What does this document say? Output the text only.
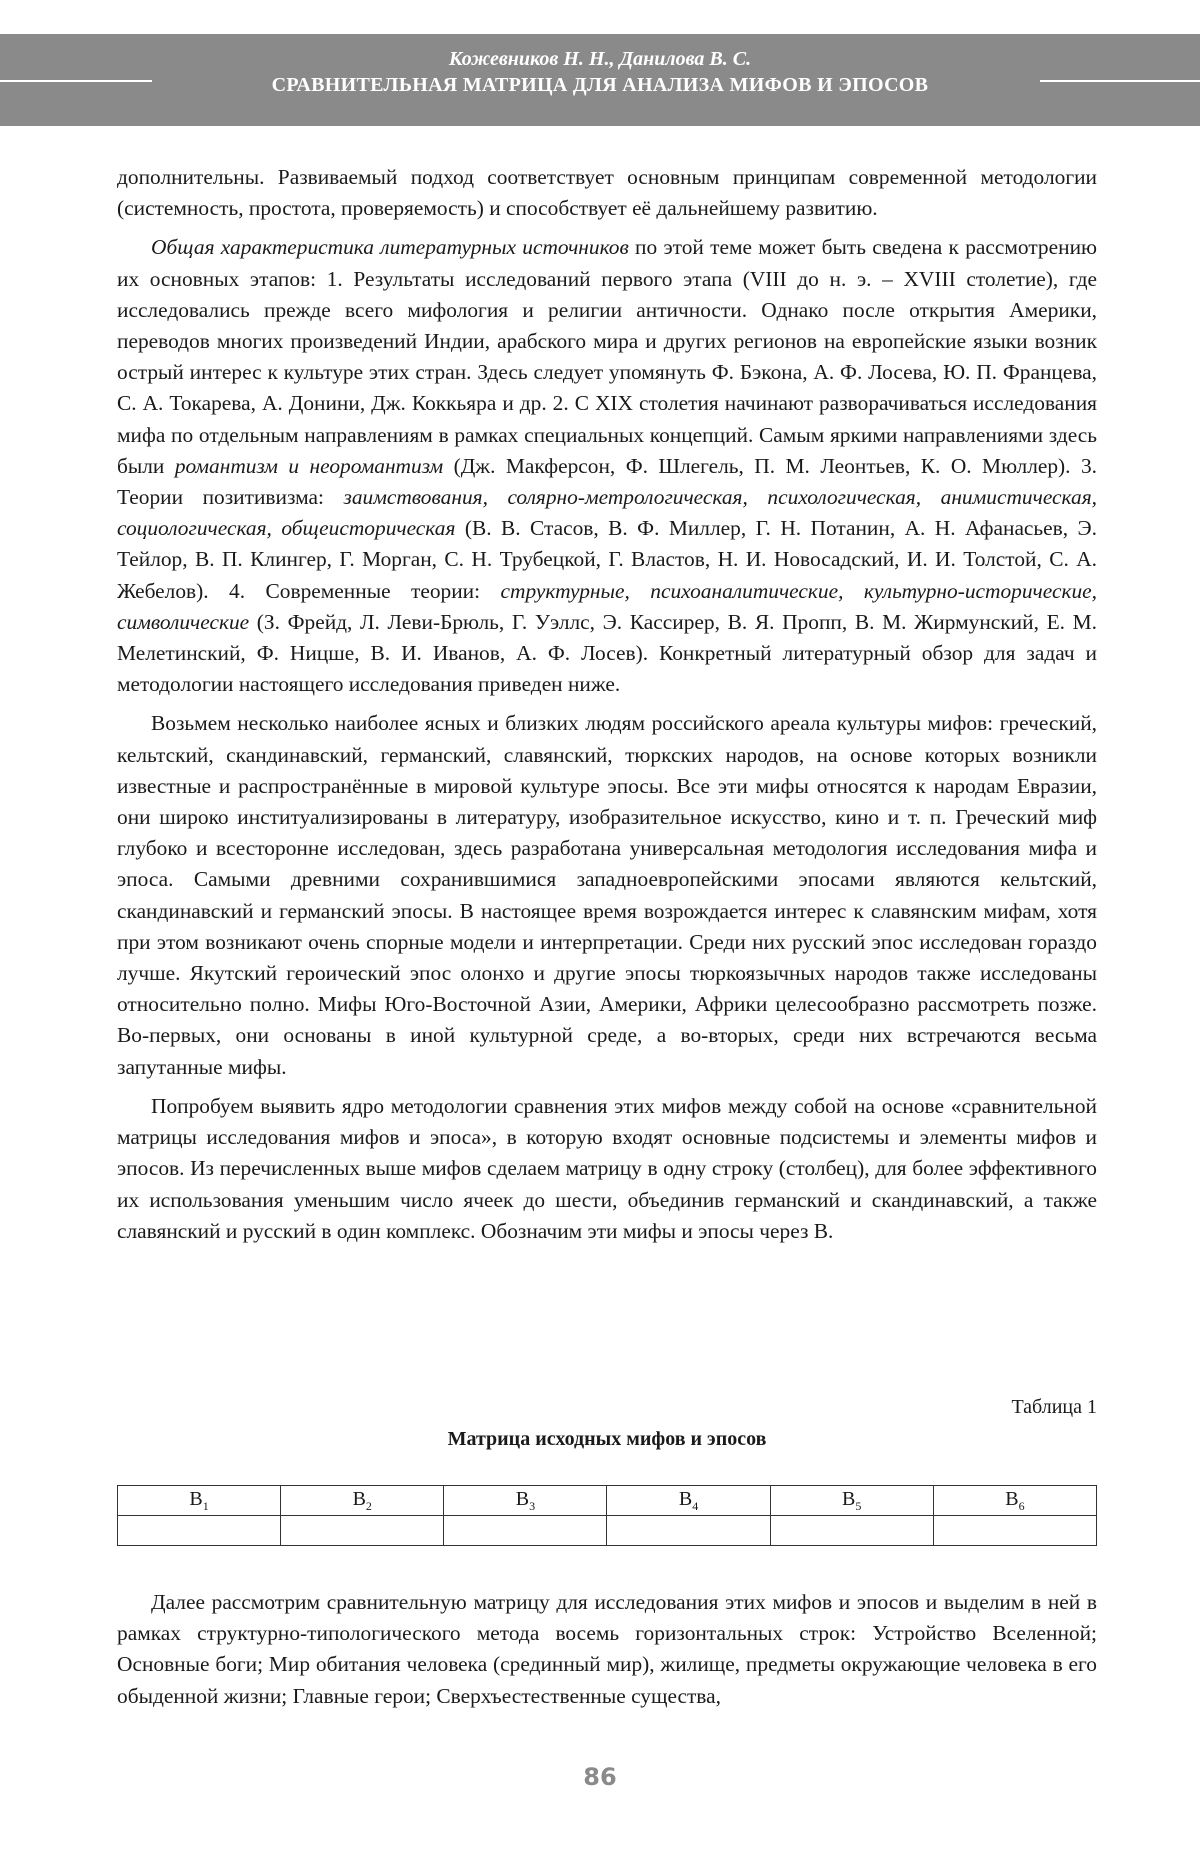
Кожевников Н. Н., Данилова В. С.
СРАВНИТЕЛЬНАЯ МАТРИЦА ДЛЯ АНАЛИЗА МИФОВ И ЭПОСОВ

дополнительны. Развиваемый подход соответствует основным принципам современной методологии (системность, простота, проверяемость) и способствует её дальнейшему развитию.

Общая характеристика литературных источников по этой теме может быть сведена к рассмотрению их основных этапов: 1. Результаты исследований первого этапа (VIII до н. э. – XVIII столетие), где исследовались прежде всего мифология и религии античности. Однако после открытия Америки, переводов многих произведений Индии, арабского мира и других регионов на европейские языки возник острый интерес к культуре этих стран. Здесь следует упомянуть Ф. Бэкона, А. Ф. Лосева, Ю. П. Францева, С. А. Токарева, А. Донини, Дж. Коккьяра и др. 2. С XIX столетия начинают разворачиваться исследования мифа по отдельным направлениям в рамках специальных концепций. Самым яркими направлениями здесь были романтизм и неоромантизм (Дж. Макферсон, Ф. Шлегель, П. М. Леонтьев, К. О. Мюллер). 3. Теории позитивизма: заимствования, солярно-метрологическая, психологическая, анимистическая, социологическая, общеисторическая (В. В. Стасов, В. Ф. Миллер, Г. Н. Потанин, А. Н. Афанасьев, Э. Тейлор, В. П. Клингер, Г. Морган, С. Н. Трубецкой, Г. Властов, Н. И. Новосадский, И. И. Толстой, С. А. Жебелов). 4. Современные теории: структурные, психоаналитические, культурно-исторические, символические (З. Фрейд, Л. Леви-Брюль, Г. Уэллс, Э. Кассирер, В. Я. Пропп, В. М. Жирмунский, Е. М. Мелетинский, Ф. Ницше, В. И. Иванов, А. Ф. Лосев). Конкретный литературный обзор для задач и методологии настоящего исследования приведен ниже.

Возьмем несколько наиболее ясных и близких людям российского ареала культуры мифов: греческий, кельтский, скандинавский, германский, славянский, тюркских народов, на основе которых возникли известные и распространённые в мировой культуре эпосы. Все эти мифы относятся к народам Евразии, они широко институализированы в литературу, изобразительное искусство, кино и т. п. Греческий миф глубоко и всесторонне исследован, здесь разработана универсальная методология исследования мифа и эпоса. Самыми древними сохранившимися западноевропейскими эпосами являются кельтский, скандинавский и германский эпосы. В настоящее время возрождается интерес к славянским мифам, хотя при этом возникают очень спорные модели и интерпретации. Среди них русский эпос исследован гораздо лучше. Якутский героический эпос олонхо и другие эпосы тюркоязычных народов также исследованы относительно полно. Мифы Юго-Восточной Азии, Америки, Африки целесообразно рассмотреть позже. Во-первых, они основаны в иной культурной среде, а во-вторых, среди них встречаются весьма запутанные мифы.

Попробуем выявить ядро методологии сравнения этих мифов между собой на основе «сравнительной матрицы исследования мифов и эпоса», в которую входят основные подсистемы и элементы мифов и эпосов. Из перечисленных выше мифов сделаем матрицу в одну строку (столбец), для более эффективного их использования уменьшим число ячеек до шести, объединив германский и скандинавский, а также славянский и русский в один комплекс. Обозначим эти мифы и эпосы через B.

Таблица 1
Матрица исходных мифов и эпосов
$B_1$	$B_2$	$B_3$	$B_4$	$B_5$	$B_6$

Далее рассмотрим сравнительную матрицу для исследования этих мифов и эпосов и выделим в ней в рамках структурно-типологического метода восемь горизонтальных строк: Устройство Вселенной; Основные боги; Мир обитания человека (срединный мир), жилище, предметы окружающие человека в его обыденной жизни; Главные герои; Сверхъестественные существа,

86
